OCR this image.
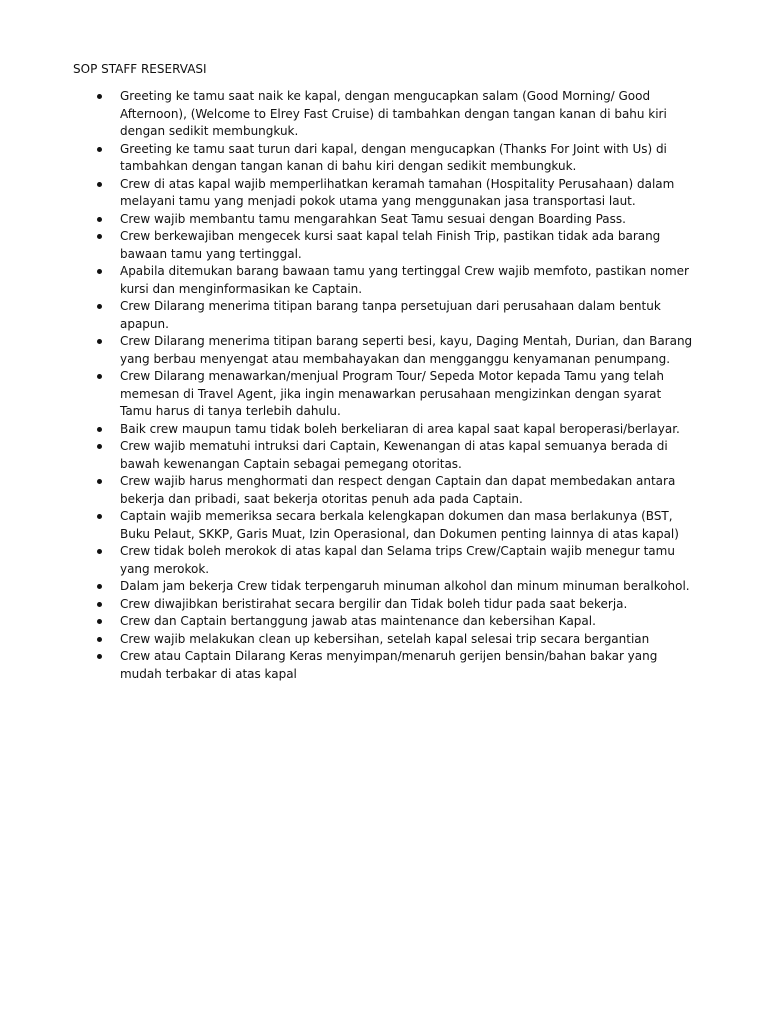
SOP STAFF RESERVASI
Greeting ke tamu saat naik ke kapal, dengan mengucapkan salam (Good Morning/ Good Afternoon), (Welcome to Elrey Fast Cruise) di tambahkan dengan tangan kanan di bahu kiri dengan sedikit membungkuk.
Greeting ke tamu saat turun dari kapal, dengan mengucapkan (Thanks For Joint with Us) di tambahkan dengan tangan kanan di bahu kiri dengan sedikit membungkuk.
Crew di atas kapal wajib memperlihatkan keramah tamahan (Hospitality Perusahaan) dalam melayani tamu yang menjadi pokok utama yang menggunakan jasa transportasi laut.
Crew wajib membantu tamu mengarahkan Seat Tamu sesuai dengan Boarding Pass.
Crew berkewajiban mengecek kursi saat kapal telah Finish Trip, pastikan tidak ada barang bawaan tamu yang tertinggal.
Apabila ditemukan barang bawaan tamu yang tertinggal Crew wajib memfoto, pastikan nomer kursi dan menginformasikan ke Captain.
Crew Dilarang menerima titipan barang tanpa persetujuan dari perusahaan dalam bentuk apapun.
Crew Dilarang menerima titipan barang seperti besi, kayu, Daging Mentah, Durian, dan Barang yang berbau menyengat atau membahayakan dan mengganggu kenyamanan penumpang.
Crew Dilarang menawarkan/menjual Program Tour/ Sepeda Motor kepada Tamu yang telah memesan di Travel Agent, jika ingin menawarkan perusahaan mengizinkan dengan syarat Tamu harus di tanya terlebih dahulu.
Baik crew maupun tamu tidak boleh berkeliaran di area kapal saat kapal beroperasi/berlayar.
Crew wajib mematuhi intruksi dari Captain, Kewenangan di atas kapal semuanya berada di bawah kewenangan Captain sebagai pemegang otoritas.
Crew wajib harus menghormati dan respect dengan Captain dan dapat membedakan antara bekerja dan pribadi, saat bekerja otoritas penuh ada pada Captain.
Captain wajib memeriksa secara berkala kelengkapan dokumen dan masa berlakunya (BST, Buku Pelaut, SKKP, Garis Muat, Izin Operasional, dan Dokumen penting lainnya di atas kapal)
Crew tidak boleh merokok di atas kapal dan Selama trips Crew/Captain wajib menegur tamu yang merokok.
Dalam jam bekerja Crew tidak terpengaruh minuman alkohol dan minum minuman beralkohol.
Crew diwajibkan beristirahat secara bergilir dan Tidak boleh tidur pada saat bekerja.
Crew dan Captain bertanggung jawab atas maintenance dan kebersihan Kapal.
Crew wajib melakukan clean up kebersihan, setelah kapal selesai trip secara bergantian
Crew atau Captain Dilarang Keras menyimpan/menaruh gerijen bensin/bahan bakar yang mudah terbakar di atas kapal
